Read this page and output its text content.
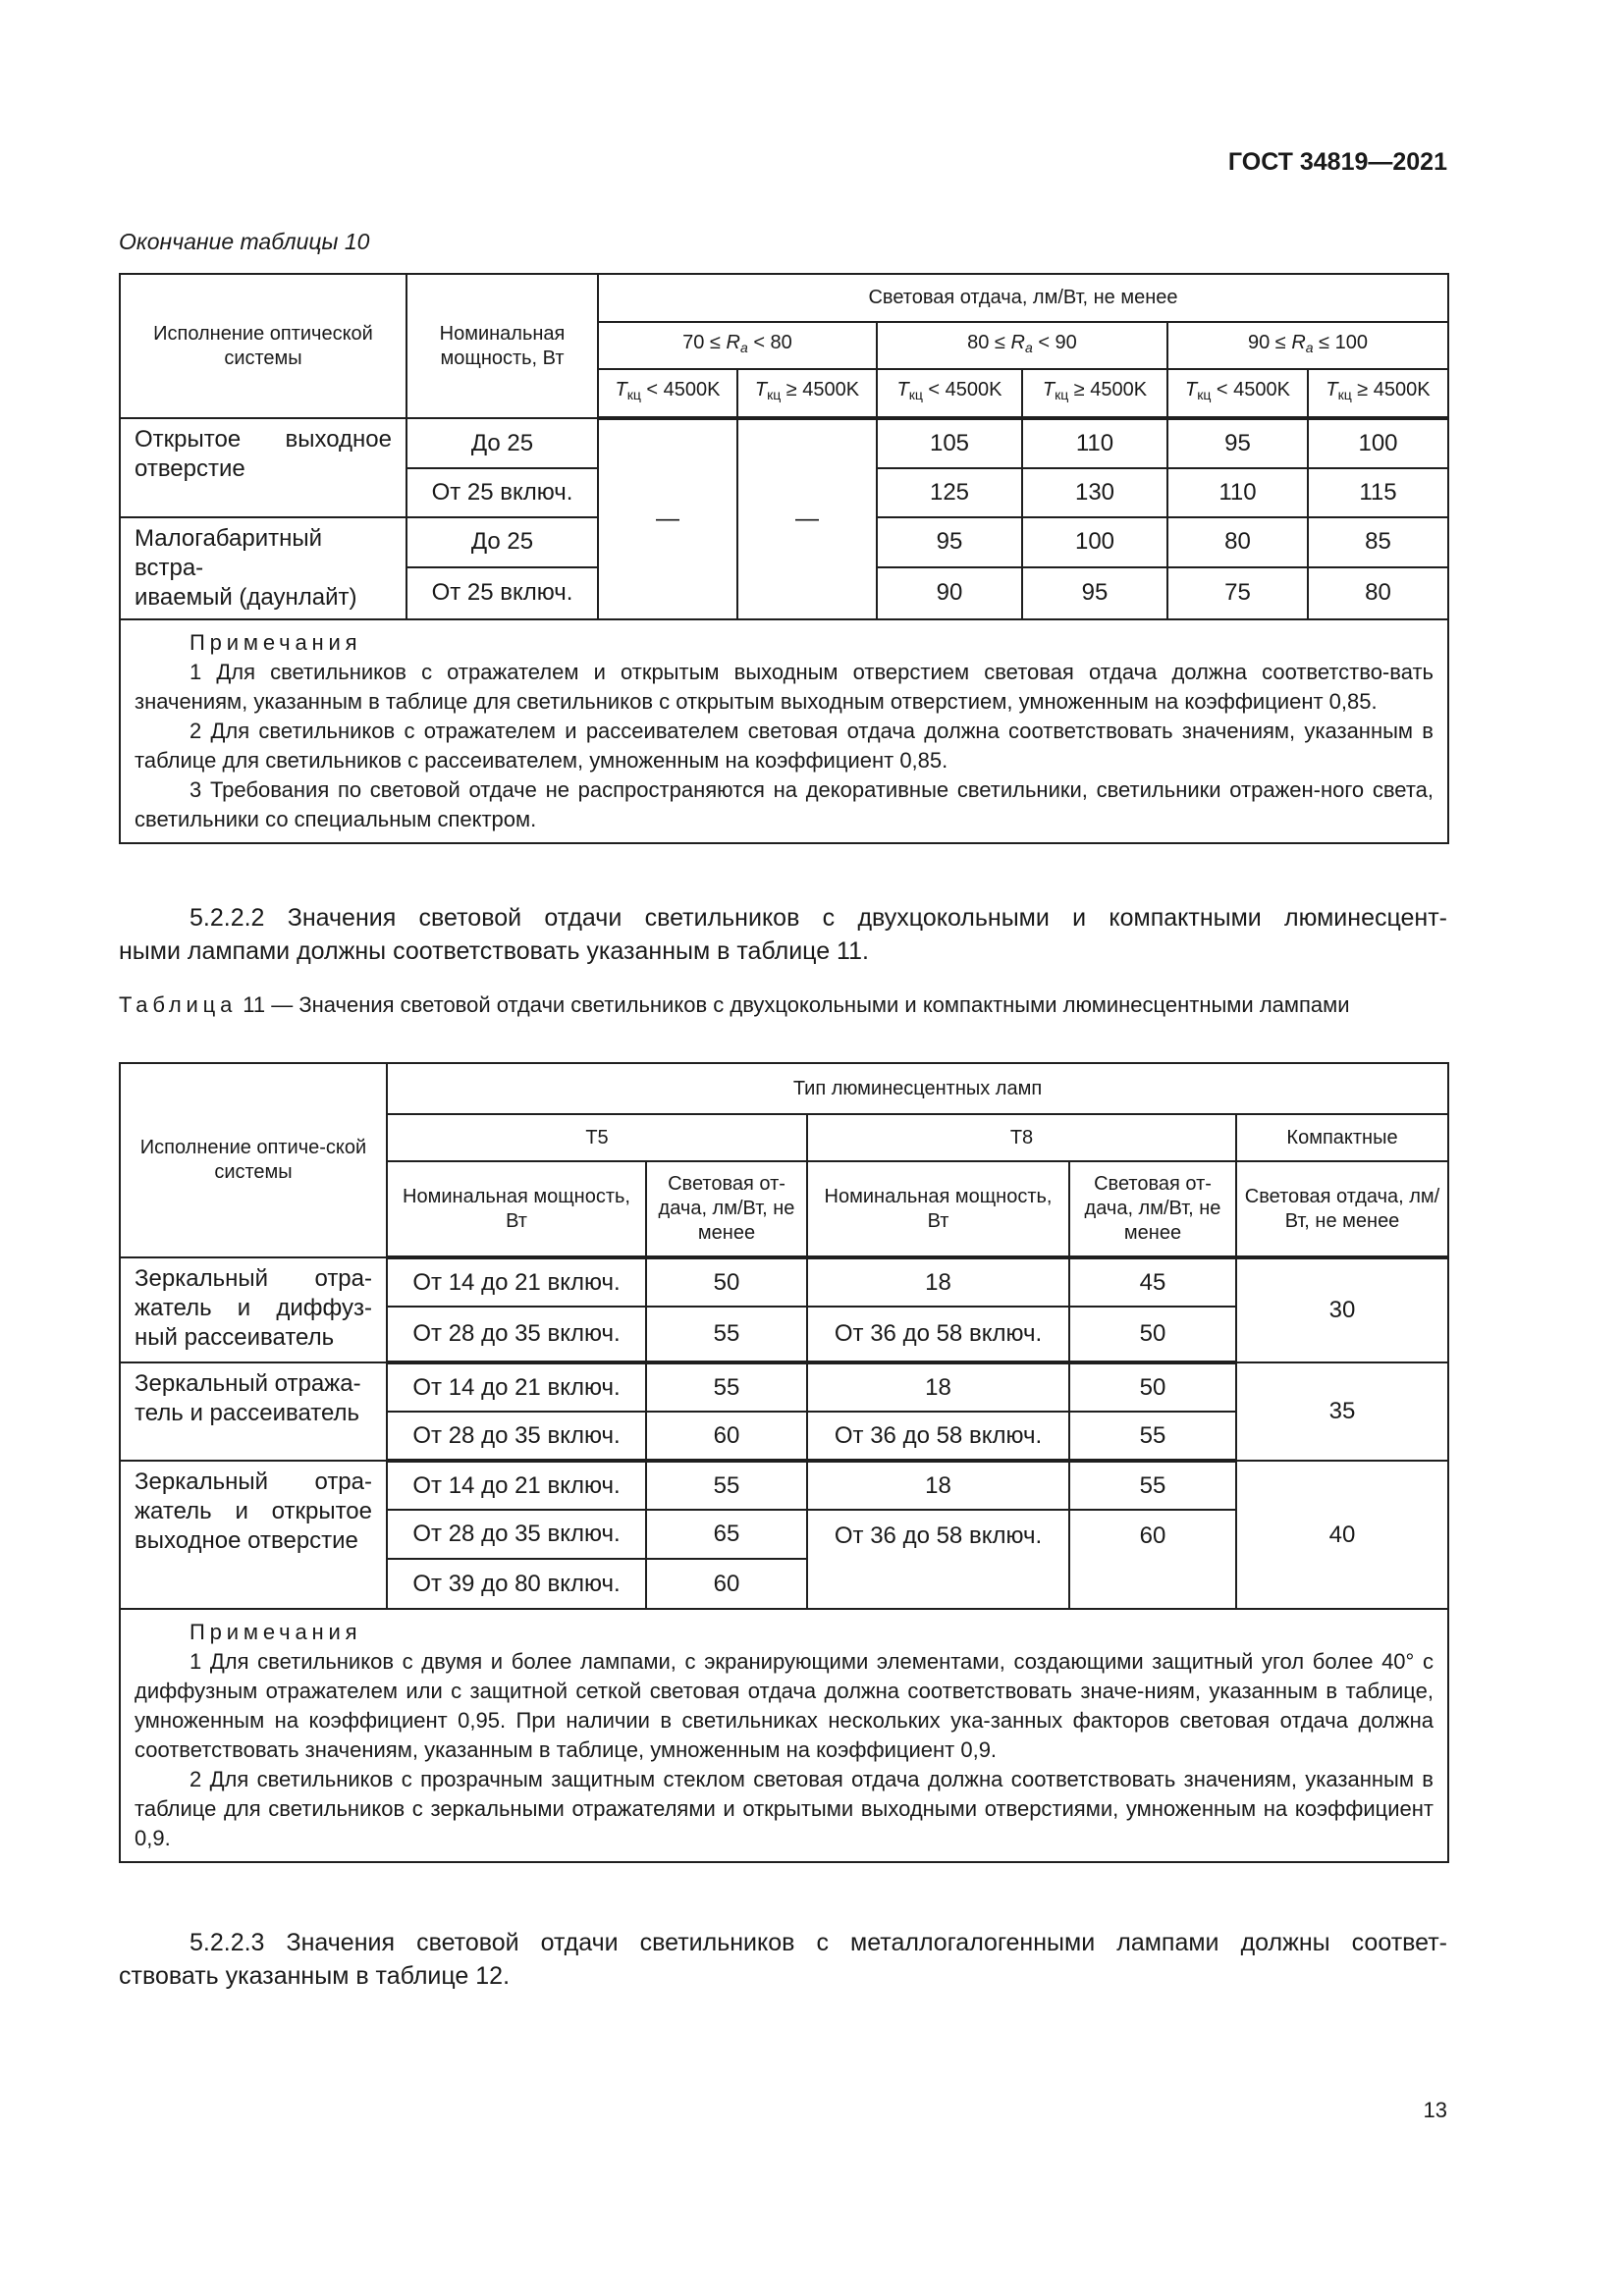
ГОСТ 34819—2021
Окончание таблицы 10
Исполнение оптической системы	Номинальная мощность, Вт	Световая отдача, лм/Вт, не менее					
		$70 \le R_a < 80$		$80 \le R_a < 90$		$90 \le R_a \le 100$	
		$T_{кц} < 4500K$	$T_{кц} \ge 4500K$	$T_{кц} < 4500K$	$T_{кц} \ge 4500K$	$T_{кц} < 4500K$	$T_{кц} \ge 4500K$

Открытое выходное
отверстие	До 25	—	—	105	110	95	100
	От 25 включ.			125	130	110	115

Малогабаритный встра-
иваемый (даунлайт)	До 25			95	100	80	85
	От 25 включ.			90	95	75	80

Примечания
1 Для светильников с отражателем и открытым выходным отверстием световая отдача должна соответство-вать значениям, указанным в таблице для светильников с открытым выходным отверстием, умноженным на коэффициент 0,85.
2 Для светильников с отражателем и рассеивателем световая отдача должна соответствовать значениям, указанным в таблице для светильников с рассеивателем, умноженным на коэффициент 0,85.
3 Требования по световой отдаче не распространяются на декоративные светильники, светильники отражен-ного света, светильники со специальным спектром.							
5.2.2.2 Значения световой отдачи светильников с двухцокольными и компактными люминесцент-
ными лампами должны соответствовать указанным в таблице 11.
Таблица 11 — Значения световой отдачи светильников с двухцокольными и компактными люминесцентными лампами
Исполнение оптиче-ской системы	Тип люминесцентных ламп				
	T5		T8		Компактные
	Номинальная мощность, Вт	Световая от-дача, лм/Вт, не менее	Номинальная мощность, Вт	Световая от-дача, лм/Вт, не менее	Световая отдача, лм/Вт, не менее

Зеркальный отра-
жатель и диффуз-
ный рассеиватель	От 14 до 21 включ.	50	18	45	30
	От 28 до 35 включ.	55	От 36 до 58 включ.	50	

Зеркальный отража-
тель и рассеиватель	От 14 до 21 включ.	55	18	50	35
	От 28 до 35 включ.	60	От 36 до 58 включ.	55	

Зеркальный отра-
жатель и открытое
выходное отверстие	От 14 до 21 включ.	55	18	55	40
	От 28 до 35 включ.	65	От 36 до 58 включ.	60	
	От 39 до 80 включ.	60			

Примечания
1 Для светильников с двумя и более лампами, с экранирующими элементами, создающими защитный угол более 40° с диффузным отражателем или с защитной сеткой световая отдача должна соответствовать значе-ниям, указанным в таблице, умноженным на коэффициент 0,95. При наличии в светильниках нескольких ука-занных факторов световая отдача должна соответствовать значениям, указанным в таблице, умноженным на коэффициент 0,9.
2 Для светильников с прозрачным защитным стеклом световая отдача должна соответствовать значениям, указанным в таблице для светильников с зеркальными отражателями и открытыми выходными отверстиями, умноженным на коэффициент 0,9.					
5.2.2.3 Значения световой отдачи светильников с металлогалогенными лампами должны соответ-
ствовать указанным в таблице 12.
13
